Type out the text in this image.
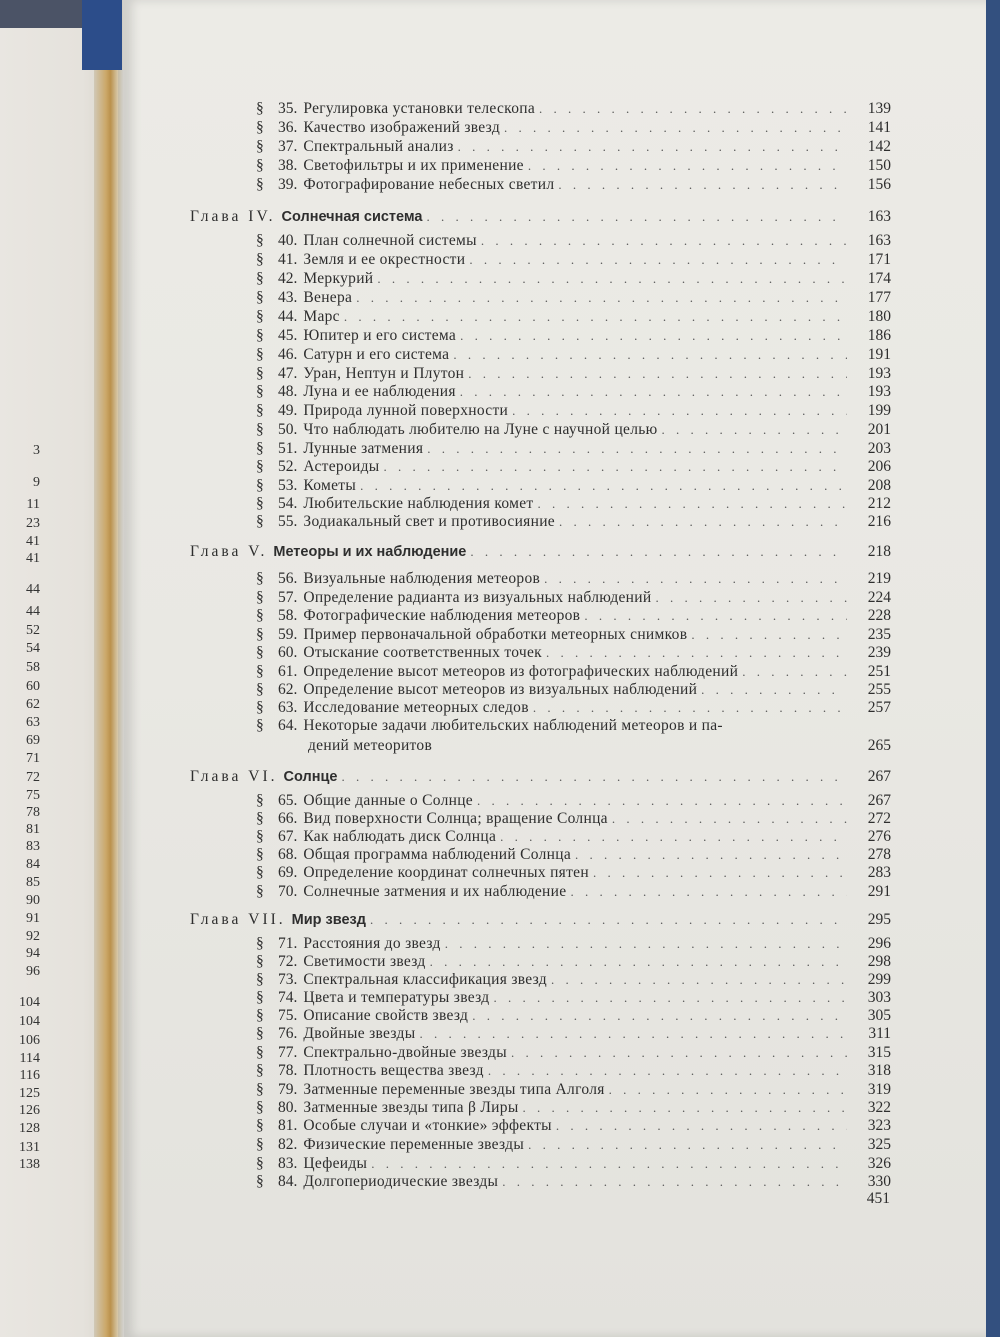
3
9
11
23
41
41
44
44
52
54
58
60
62
63
69
71
72
75
78
81
83
84
85
90
91
92
94
96
104
104
106
114
116
125
126
128
131
138
§ 35. Регулировка установки телескопа . . .	139
§ 36. Качество изображений звезд . . .	141
§ 37. Спектральный анализ . . .	142
§ 38. Светофильтры и их применение . . .	150
§ 39. Фотографирование небесных светил . . .	156
Глава IV. Солнечная система . . .	163
§ 40. План солнечной системы . . .	163
§ 41. Земля и ее окрестности . . .	171
§ 42. Меркурий . . .	174
§ 43. Венера . . .	177
§ 44. Марс . . .	180
§ 45. Юпитер и его система . . .	186
§ 46. Сатурн и его система . . .	191
§ 47. Уран, Нептун и Плутон . . .	193
§ 48. Луна и ее наблюдения . . .	193
§ 49. Природа лунной поверхности . . .	199
§ 50. Что наблюдать любителю на Луне с научной целью . . .	201
§ 51. Лунные затмения . . .	203
§ 52. Астероиды . . .	206
§ 53. Кометы . . .	208
§ 54. Любительские наблюдения комет . . .	212
§ 55. Зодиакальный свет и противосияние . . .	216
Глава V. Метеоры и их наблюдение . . .	218
§ 56. Визуальные наблюдения метеоров . . .	219
§ 57. Определение радианта из визуальных наблюдений . . .	224
§ 58. Фотографические наблюдения метеоров . . .	228
§ 59. Пример первоначальной обработки метеорных снимков . . .	235
§ 60. Отыскание соответственных точек . . .	239
§ 61. Определение высот метеоров из фотографических наблюдений . . .	251
§ 62. Определение высот метеоров из визуальных наблюдений . . .	255
§ 63. Исследование метеорных следов . . .	257
§ 64. Некоторые задачи любительских наблюдений метеоров и па-
дений метеоритов	265
Глава VI. Солнце . . .	267
§ 65. Общие данные о Солнце . . .	267
§ 66. Вид поверхности Солнца; вращение Солнца . . .	272
§ 67. Как наблюдать диск Солнца . . .	276
§ 68. Общая программа наблюдений Солнца . . .	278
§ 69. Определение координат солнечных пятен . . .	283
§ 70. Солнечные затмения и их наблюдение . . .	291
Глава VII. Мир звезд . . .	295
§ 71. Расстояния до звезд . . .	296
§ 72. Светимости звезд . . .	298
§ 73. Спектральная классификация звезд . . .	299
§ 74. Цвета и температуры звезд . . .	303
§ 75. Описание свойств звезд . . .	305
§ 76. Двойные звезды . . .	311
§ 77. Спектрально-двойные звезды . . .	315
§ 78. Плотность вещества звезд . . .	318
§ 79. Затменные переменные звезды типа Алголя . . .	319
§ 80. Затменные звезды типа β Лиры . . .	322
§ 81. Особые случаи и «тонкие» эффекты . . .	323
§ 82. Физические переменные звезды . . .	325
§ 83. Цефеиды . . .	326
§ 84. Долгопериодические звезды . . .	330
451
